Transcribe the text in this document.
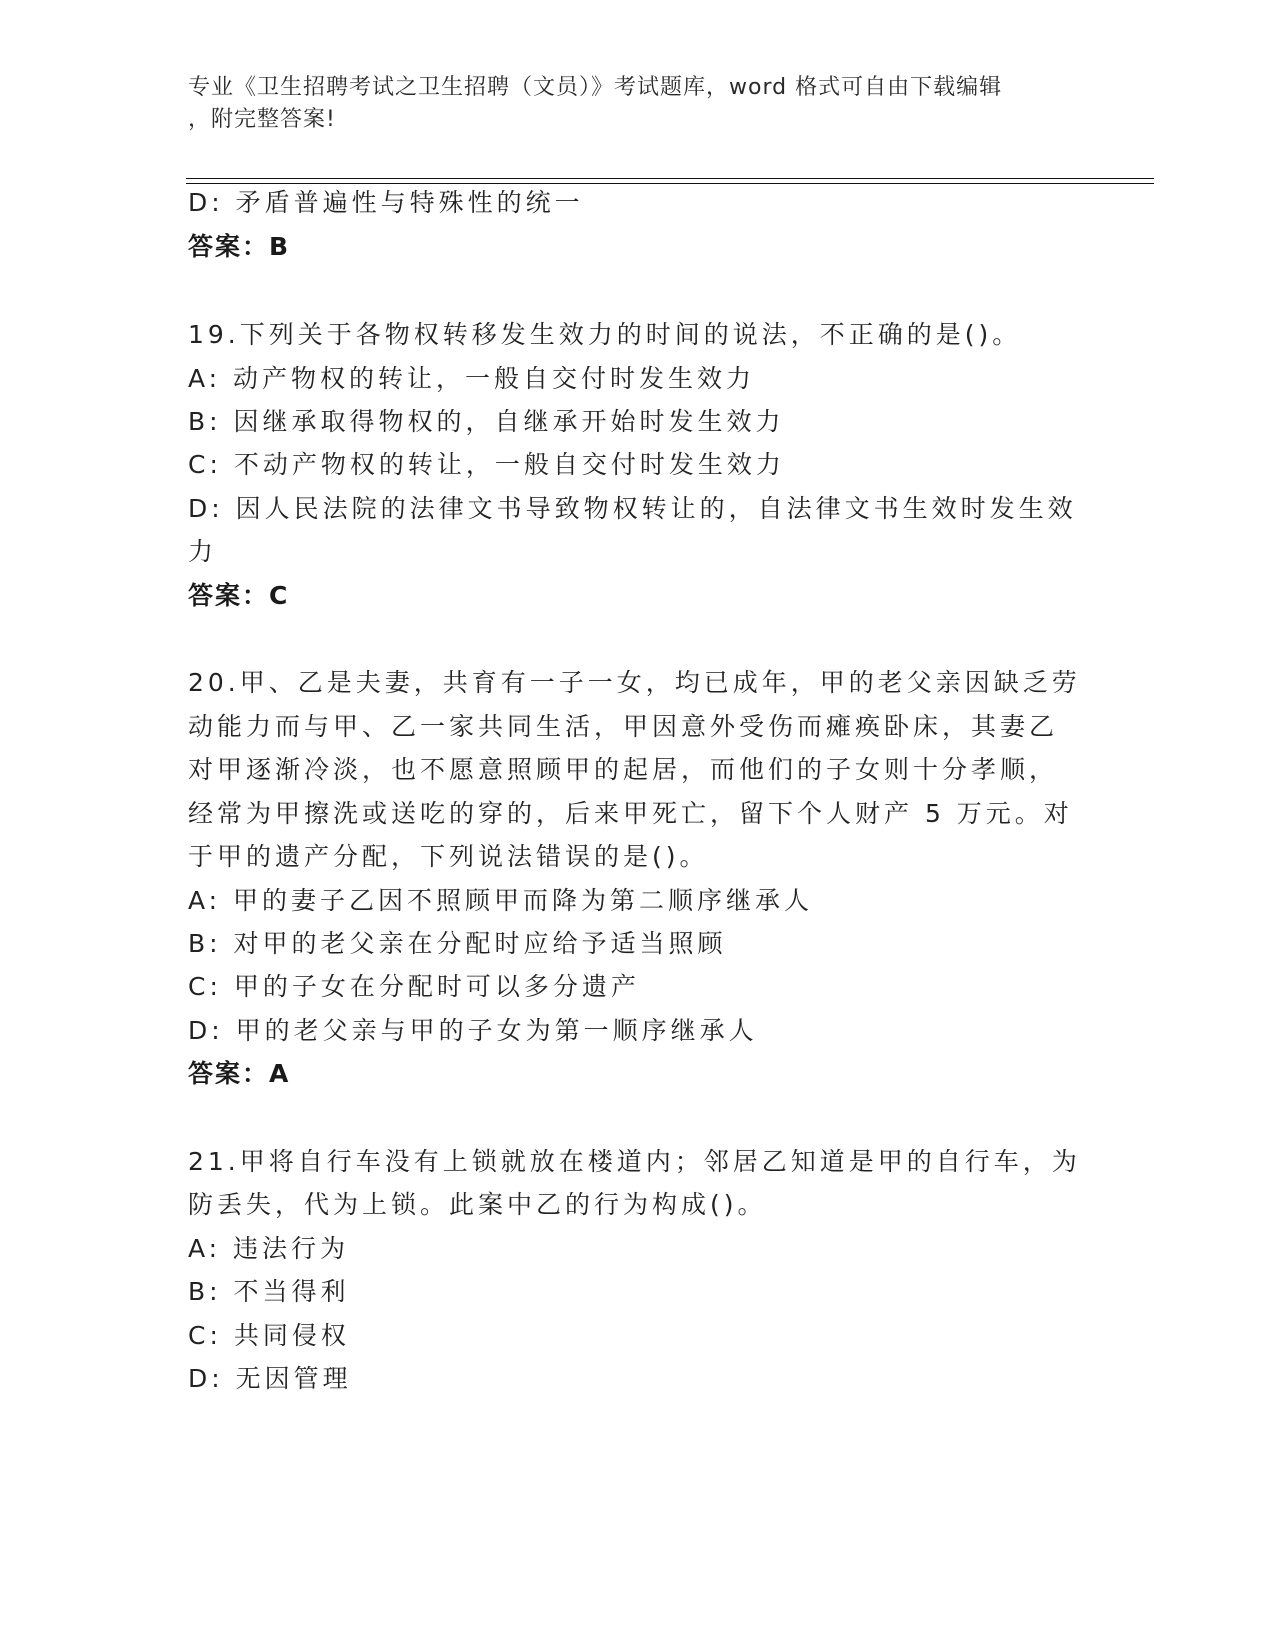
专业《卫生招聘考试之卫生招聘（文员）》考试题库，word 格式可自由下载编辑
，附完整答案!
D: 矛盾普遍性与特殊性的统一
答案：B
19.下列关于各物权转移发生效力的时间的说法，不正确的是()。
A: 动产物权的转让，一般自交付时发生效力
B: 因继承取得物权的，自继承开始时发生效力
C: 不动产物权的转让，一般自交付时发生效力
D: 因人民法院的法律文书导致物权转让的，自法律文书生效时发生效
力
答案：C
20.甲、乙是夫妻，共育有一子一女，均已成年，甲的老父亲因缺乏劳
动能力而与甲、乙一家共同生活，甲因意外受伤而瘫痪卧床，其妻乙
对甲逐渐冷淡，也不愿意照顾甲的起居，而他们的子女则十分孝顺，
经常为甲擦洗或送吃的穿的，后来甲死亡，留下个人财产 5 万元。对
于甲的遗产分配，下列说法错误的是()。
A: 甲的妻子乙因不照顾甲而降为第二顺序继承人
B: 对甲的老父亲在分配时应给予适当照顾
C: 甲的子女在分配时可以多分遗产
D: 甲的老父亲与甲的子女为第一顺序继承人
答案：A
21.甲将自行车没有上锁就放在楼道内；邻居乙知道是甲的自行车，为
防丢失，代为上锁。此案中乙的行为构成()。
A: 违法行为
B: 不当得利
C: 共同侵权
D: 无因管理
